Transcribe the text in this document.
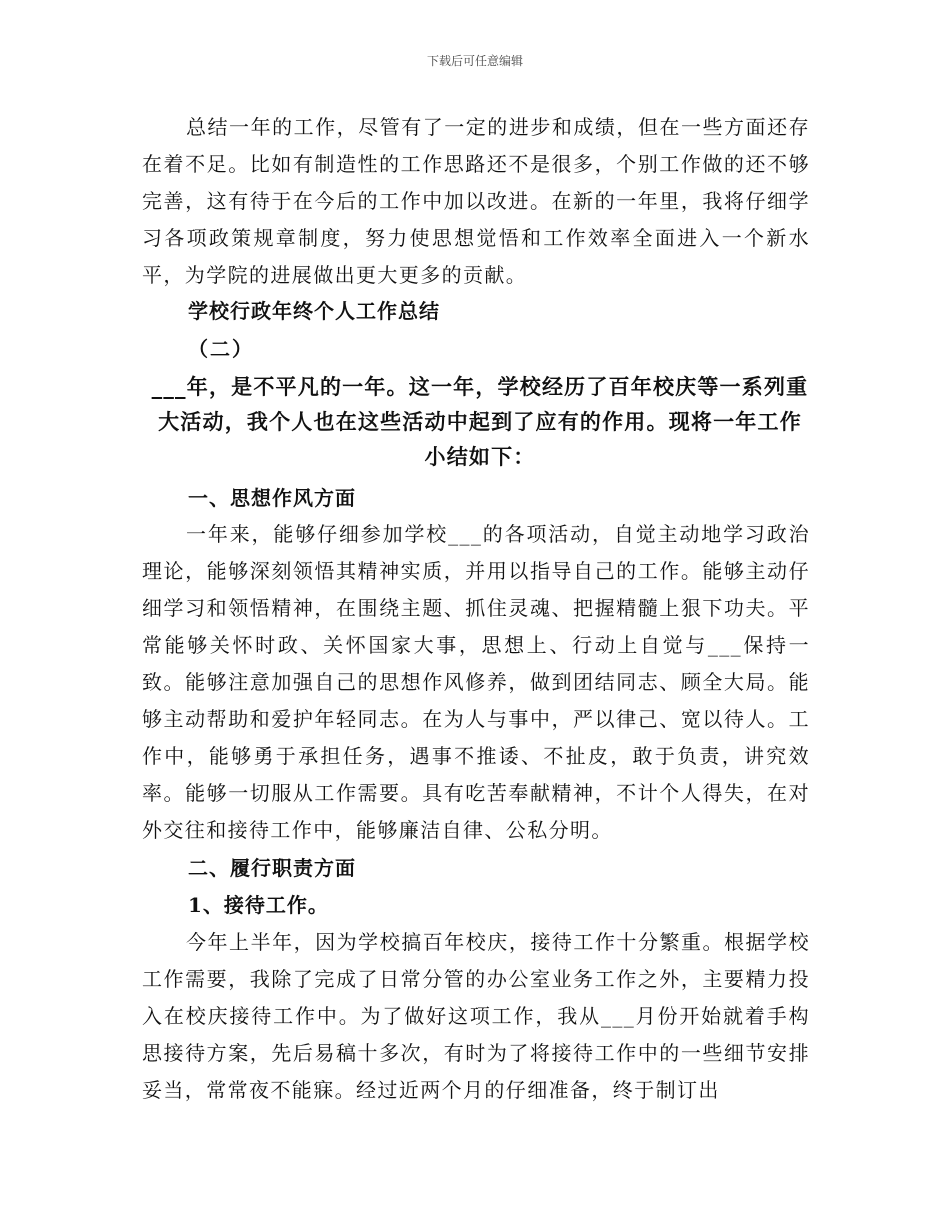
下载后可任意编辑
总结一年的工作，尽管有了一定的进步和成绩，但在一些方面还存在着不足。比如有制造性的工作思路还不是很多，个别工作做的还不够完善，这有待于在今后的工作中加以改进。在新的一年里，我将仔细学习各项政策规章制度，努力使思想觉悟和工作效率全面进入一个新水平，为学院的进展做出更大更多的贡献。
学校行政年终个人工作总结
（二）
___年，是不平凡的一年。这一年，学校经历了百年校庆等一系列重大活动，我个人也在这些活动中起到了应有的作用。现将一年工作小结如下：
一、思想作风方面
一年来，能够仔细参加学校___的各项活动，自觉主动地学习政治理论，能够深刻领悟其精神实质，并用以指导自己的工作。能够主动仔细学习和领悟精神，在围绕主题、抓住灵魂、把握精髓上狠下功夫。平常能够关怀时政、关怀国家大事，思想上、行动上自觉与___保持一致。能够注意加强自己的思想作风修养，做到团结同志、顾全大局。能够主动帮助和爱护年轻同志。在为人与事中，严以律己、宽以待人。工作中，能够勇于承担任务，遇事不推诿、不扯皮，敢于负责，讲究效率。能够一切服从工作需要。具有吃苦奉献精神，不计个人得失，在对外交往和接待工作中，能够廉洁自律、公私分明。
二、履行职责方面
1、接待工作。
今年上半年，因为学校搞百年校庆，接待工作十分繁重。根据学校工作需要，我除了完成了日常分管的办公室业务工作之外，主要精力投入在校庆接待工作中。为了做好这项工作，我从___月份开始就着手构思接待方案，先后易稿十多次，有时为了将接待工作中的一些细节安排妥当，常常夜不能寐。经过近两个月的仔细准备，终于制订出
